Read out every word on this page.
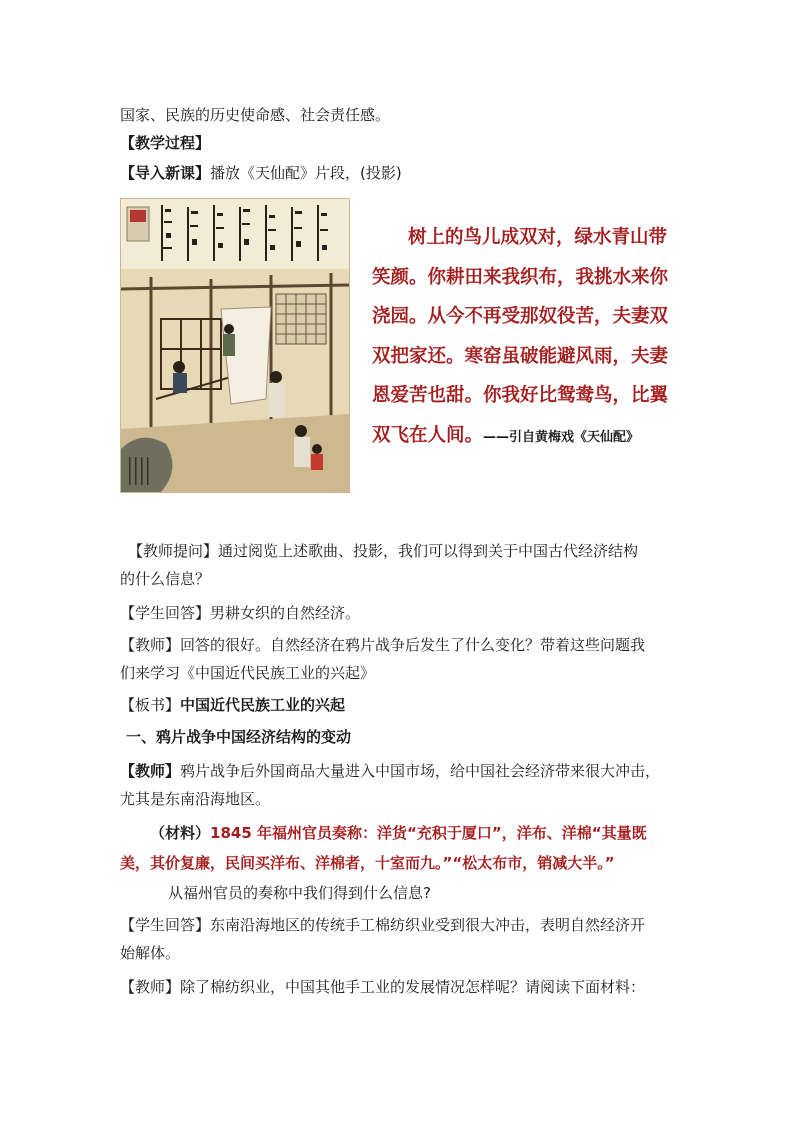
国家、民族的历史使命感、社会责任感。
【教学过程】
【导入新课】播放《天仙配》片段，(投影)
树上的鸟儿成双对，绿水青山带
笑颜。你耕田来我织布，我挑水来你
浇园。从今不再受那奴役苦，夫妻双
双把家还。寒窑虽破能避风雨，夫妻
恩爱苦也甜。你我好比鸳鸯鸟，比翼
双飞在人间。——引自黄梅戏《天仙配》
【教师提问】通过阅览上述歌曲、投影，我们可以得到关于中国古代经济结构
的什么信息？
【学生回答】男耕女织的自然经济。
【教师】回答的很好。自然经济在鸦片战争后发生了什么变化？带着这些问题我
们来学习《中国近代民族工业的兴起》
【板书】中国近代民族工业的兴起
一、鸦片战争中国经济结构的变动
【教师】鸦片战争后外国商品大量进入中国市场，给中国社会经济带来很大冲击，
尤其是东南沿海地区。
（材料）1845 年福州官员奏称：洋货“充积于厦口”，洋布、洋棉“其量既
美，其价复廉，民间买洋布、洋棉者，十室而九。”“松太布市，销减大半。”
从福州官员的奏称中我们得到什么信息?
【学生回答】东南沿海地区的传统手工棉纺织业受到很大冲击，表明自然经济开
始解体。
【教师】除了棉纺织业，中国其他手工业的发展情况怎样呢？请阅读下面材料：
